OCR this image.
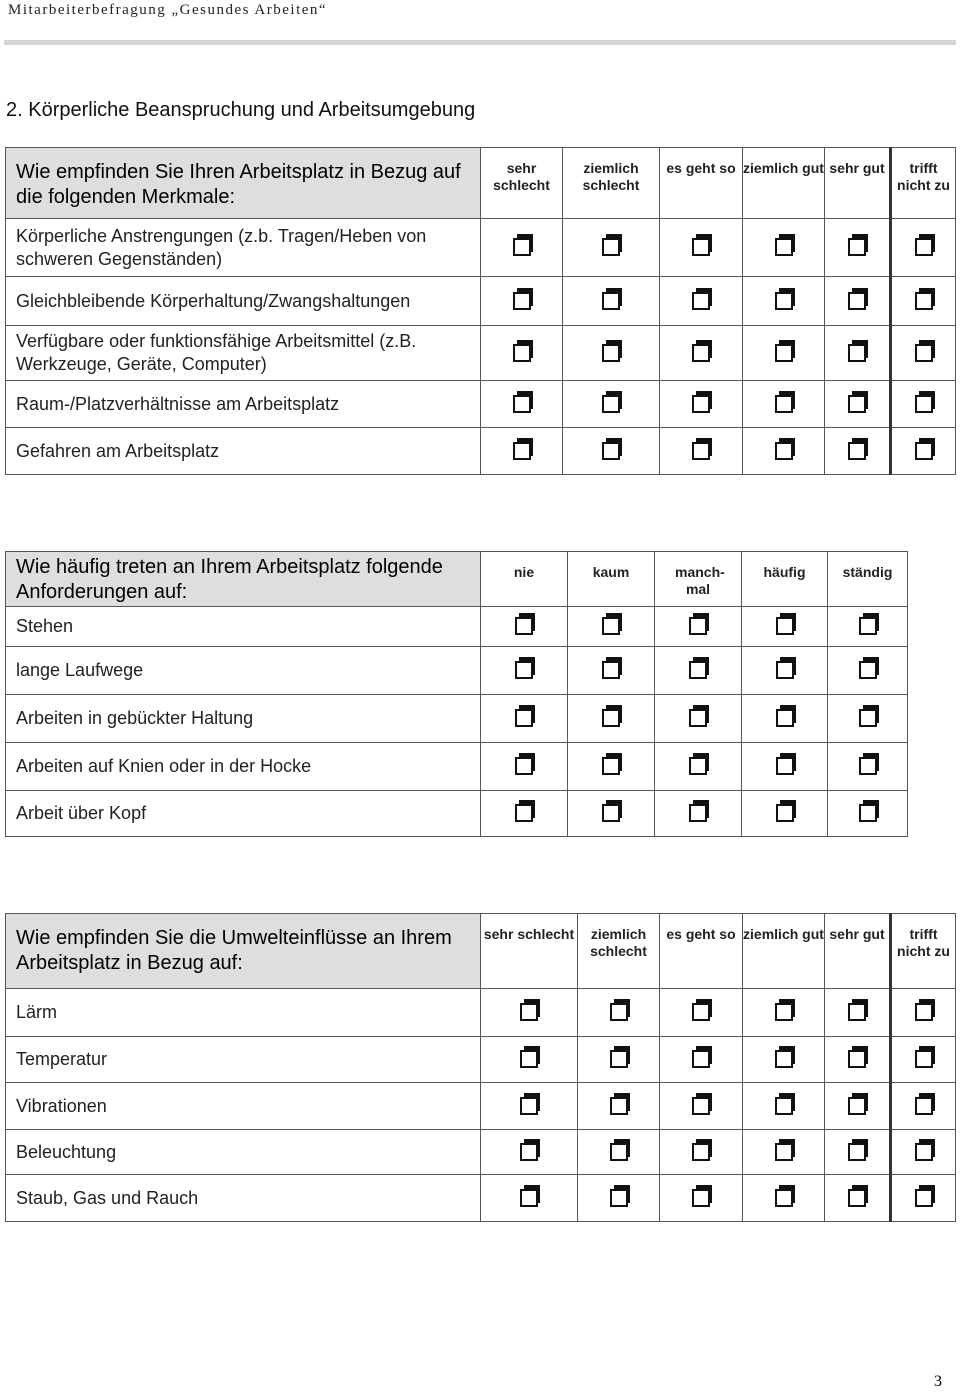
Mitarbeiterbefragung „Gesundes Arbeiten“
2. Körperliche Beanspruchung und Arbeitsumgebung
Wie empfinden Sie Ihren Arbeitsplatz in Bezug auf die folgenden Merkmale:	sehr schlecht	ziemlich schlecht	es geht so	ziemlich gut	sehr gut	trifft nicht zu
Körperliche Anstrengungen (z.b. Tragen/Heben von schweren Gegenständen)						
Gleichbleibende Körperhaltung/Zwangshaltungen						
Verfügbare oder funktionsfähige Arbeitsmittel (z.B. Werkzeuge, Geräte, Computer)						
Raum-/Platzverhältnisse am Arbeitsplatz						
Gefahren am Arbeitsplatz						
Wie häufig treten an Ihrem Arbeitsplatz folgende Anforderungen auf:	nie	kaum	manch-mal	häufig	ständig
Stehen					
lange Laufwege					
Arbeiten in gebückter Haltung					
Arbeiten auf Knien oder in der Hocke					
Arbeit über Kopf					
Wie empfinden Sie die Umwelteinflüsse an Ihrem Arbeitsplatz in Bezug auf:	sehr schlecht	ziemlich schlecht	es geht so	ziemlich gut	sehr gut	trifft nicht zu
Lärm						
Temperatur						
Vibrationen						
Beleuchtung						
Staub, Gas und Rauch						
3
